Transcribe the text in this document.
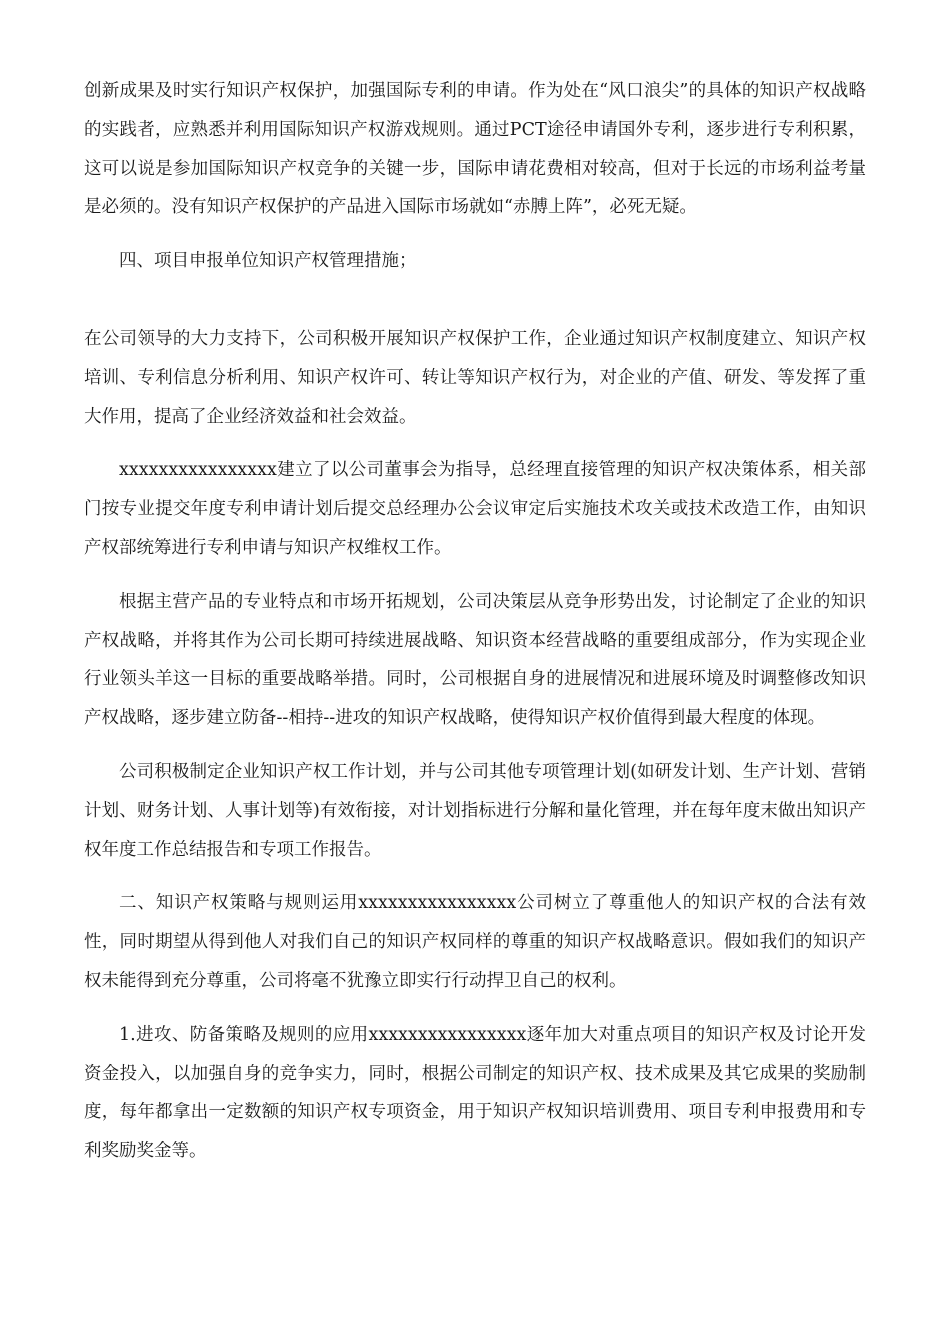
创新成果及时实行知识产权保护，加强国际专利的申请。作为处在“风口浪尖”的具体的知识产权战略的实践者，应熟悉并利用国际知识产权游戏规则。通过PCT途径申请国外专利，逐步进行专利积累，这可以说是参加国际知识产权竞争的关键一步，国际申请花费相对较高，但对于长远的市场利益考量是必须的。没有知识产权保护的产品进入国际市场就如“赤膊上阵”，必死无疑。

四、项目申报单位知识产权管理措施；

在公司领导的大力支持下，公司积极开展知识产权保护工作，企业通过知识产权制度建立、知识产权培训、专利信息分析利用、知识产权许可、转让等知识产权行为，对企业的产值、研发、等发挥了重大作用，提高了企业经济效益和社会效益。

xxxxxxxxxxxxxxxx建立了以公司董事会为指导，总经理直接管理的知识产权决策体系，相关部门按专业提交年度专利申请计划后提交总经理办公会议审定后实施技术攻关或技术改造工作，由知识产权部统筹进行专利申请与知识产权维权工作。

根据主营产品的专业特点和市场开拓规划，公司决策层从竞争形势出发，讨论制定了企业的知识产权战略，并将其作为公司长期可持续进展战略、知识资本经营战略的重要组成部分，作为实现企业行业领头羊这一目标的重要战略举措。同时，公司根据自身的进展情况和进展环境及时调整修改知识产权战略，逐步建立防备--相持--进攻的知识产权战略，使得知识产权价值得到最大程度的体现。

公司积极制定企业知识产权工作计划，并与公司其他专项管理计划(如研发计划、生产计划、营销计划、财务计划、人事计划等)有效衔接，对计划指标进行分解和量化管理，并在每年度末做出知识产权年度工作总结报告和专项工作报告。

二、知识产权策略与规则运用xxxxxxxxxxxxxxxx公司树立了尊重他人的知识产权的合法有效性，同时期望从得到他人对我们自己的知识产权同样的尊重的知识产权战略意识。假如我们的知识产权未能得到充分尊重，公司将毫不犹豫立即实行行动捍卫自己的权利。

1.进攻、防备策略及规则的应用xxxxxxxxxxxxxxxx逐年加大对重点项目的知识产权及讨论开发资金投入，以加强自身的竞争实力，同时，根据公司制定的知识产权、技术成果及其它成果的奖励制度，每年都拿出一定数额的知识产权专项资金，用于知识产权知识培训费用、项目专利申报费用和专利奖励奖金等。
